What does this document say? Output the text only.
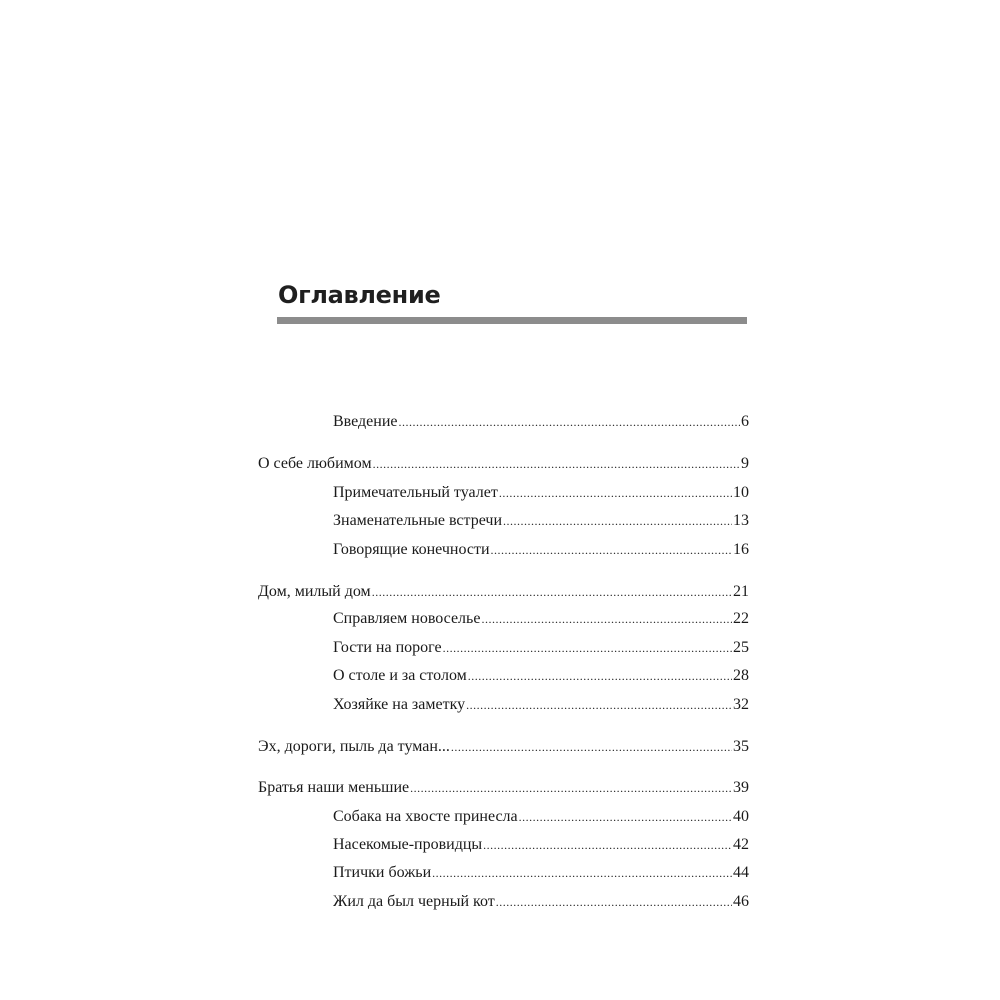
Оглавление
Введение .....	6
О себе любимом .....	9
Примечательный туалет .....	10
Знаменательные встречи .....	13
Говорящие конечности .....	16
Дом, милый дом .....	21
Справляем новоселье .....	22
Гости на пороге .....	25
О столе и за столом .....	28
Хозяйке на заметку .....	32
Эх, дороги, пыль да туман... .....	35
Братья наши меньшие .....	39
Собака на хвосте принесла .....	40
Насекомые-провидцы .....	42
Птички божьи .....	44
Жил да был черный кот .....	46
